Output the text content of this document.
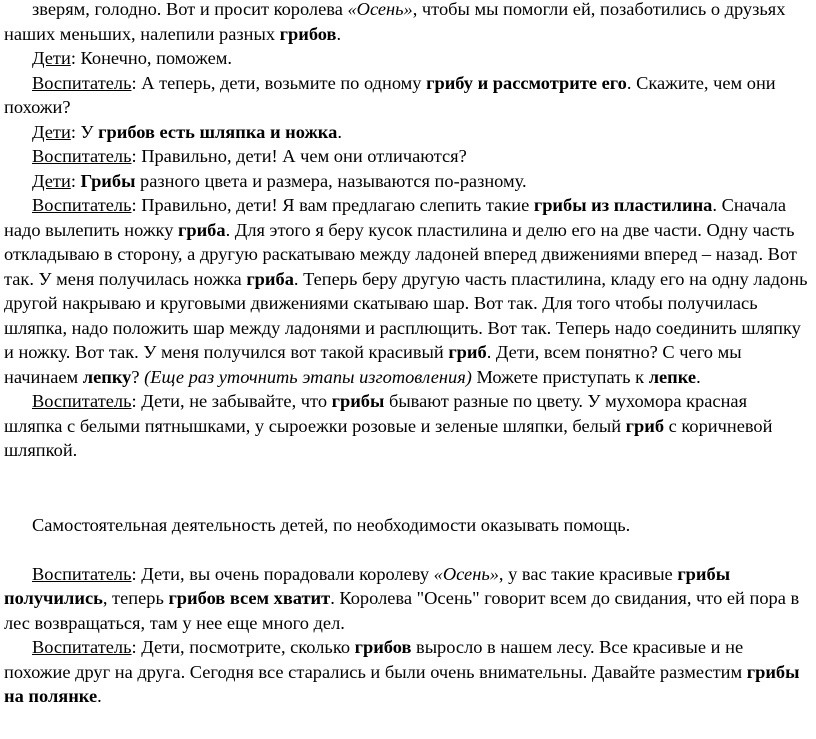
зверям, голодно. Вот и просит королева «Осень», чтобы мы помогли ей, позаботились о друзьях наших меньших, налепили разных грибов.

Дети: Конечно, поможем.

Воспитатель: А теперь, дети, возьмите по одному грибу и рассмотрите его. Скажите, чем они похожи?

Дети: У грибов есть шляпка и ножка.

Воспитатель: Правильно, дети! А чем они отличаются?

Дети: Грибы разного цвета и размера, называются по-разному.

Воспитатель: Правильно, дети! Я вам предлагаю слепить такие грибы из пластилина. Сначала надо вылепить ножку гриба. Для этого я беру кусок пластилина и делю его на две части. Одну часть откладываю в сторону, а другую раскатываю между ладоней вперед движениями вперед – назад. Вот так. У меня получилась ножка гриба. Теперь беру другую часть пластилина, кладу его на одну ладонь другой накрываю и круговыми движениями скатываю шар. Вот так. Для того чтобы получилась шляпка, надо положить шар между ладонями и расплющить. Вот так. Теперь надо соединить шляпку и ножку. Вот так. У меня получился вот такой красивый гриб. Дети, всем понятно? С чего мы начинаем лепку? (Еще раз уточнить этапы изготовления) Можете приступать к лепке.

Воспитатель: Дети, не забывайте, что грибы бывают разные по цвету. У мухомора красная шляпка с белыми пятнышками, у сыроежки розовые и зеленые шляпки, белый гриб с коричневой шляпкой.

Самостоятельная деятельность детей, по необходимости оказывать помощь.

Воспитатель: Дети, вы очень порадовали королеву «Осень», у вас такие красивые грибы получились, теперь грибов всем хватит. Королева "Осень" говорит всем до свидания, что ей пора в лес возвращаться, там у нее еще много дел.

Воспитатель: Дети, посмотрите, сколько грибов выросло в нашем лесу. Все красивые и не похожие друг на друга. Сегодня все старались и были очень внимательны. Давайте разместим грибы на полянке.
